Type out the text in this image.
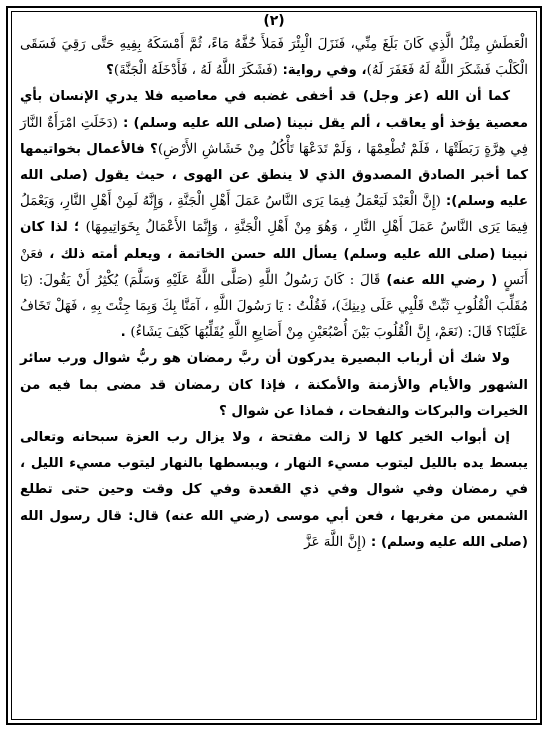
(٢)

الْعَطَشِ مِثْلُ الَّذِي كَانَ بَلَغَ مِنِّي، فَنَزَلَ الْبِئْرَ فَمَلأَ خُفَّهُ مَاءً، ثُمَّ أَمْسَكَهُ بِفِيهِ حَتَّى رَقِيَ فَسَقَى الْكَلْبَ فَشَكَرَ اللَّهُ لَهُ فَغَفَرَ لَهُ)، وفي رواية: (فَشَكَرَ اللَّهُ لَهُ ، فَأَدْخَلَهُ الْجَنَّةَ)؟

كما أن الله (عز وجل) قد أخفى غضبه في معاصيه فلا يدري الإنسان بأي معصية يؤخذ أو يعاقب ، ألم يقل نبينا (صلى الله عليه وسلم) : (دَخَلَتِ امْرَأَةٌ النَّارَ فِي هِرَّةٍ رَبَطَتْهَا ، فَلَمْ تُطْعِمْهَا ، وَلَمْ تَدَعْهَا تَأْكُلُ مِنْ خَشَاشِ الأَرْضِ)؟ فالأعمال بخواتيمها كما أخبر الصادق المصدوق الذي لا ينطق عن الهوى ، حيث يقول (صلى الله عليه وسلم): (إِنَّ الْعَبْدَ لَيَعْمَلُ فِيمَا يَرَى النَّاسُ عَمَلَ أَهْلِ الْجَنَّةِ ، وَإِنَّهُ لَمِنْ أَهْلِ النَّارِ، وَيَعْمَلُ فِيمَا يَرَى النَّاسُ عَمَلَ أَهْلِ النَّارِ ، وَهُوَ مِنْ أَهْلِ الْجَنَّةِ ، وَإِنَّمَا الأَعْمَالُ بِخَوَاتِيمِهَا) ؛ لذا كان نبينا (صلى الله عليه وسلم) يسأل الله حسن الخاتمة ، ويعلم أمته ذلك ، فعَنْ أَنَسٍ ( رضي الله عنه) قَالَ : كَانَ رَسُولُ اللَّهِ (صَلَّى اللَّهُ عَلَيْهِ وَسَلَّمَ) يُكْثِرُ أَنْ يَقُولَ: (يَا مُقَلِّبَ الْقُلُوبِ ثَبِّتْ قَلْبِي عَلَى دِينِكَ)، فَقُلْتُ : يَا رَسُولَ اللَّهِ ، آمَنَّا بِكَ وَبِمَا جِئْتَ بِهِ ، فَهَلْ تَخَافُ عَلَيْنَا؟ قَالَ: (نَعَمْ، إِنَّ الْقُلُوبَ بَيْنَ أُصْبُعَيْنِ مِنْ أَصَابِعِ اللَّهِ يُقَلِّبُهَا كَيْفَ يَشَاءُ) .

ولا شك أن أرباب البصيرة يدركون أن ربَّ رمضان هو ربُّ شوال ورب سائر الشهور والأيام والأزمنة والأمكنة ، فإذا كان رمضان قد مضى بما فيه من الخيرات والبركات والنفحات ، فماذا عن شوال ؟

إن أبواب الخير كلها لا زالت مفتحة ، ولا يزال رب العزة سبحانه وتعالى يبسط يده بالليل ليتوب مسيء النهار ، ويبسطها بالنهار ليتوب مسيء الليل ، في رمضان وفي شوال وفي ذي القعدة وفي كل وقت وحين حتى تطلع الشمس من مغربها ، فعن أبي موسى (رضي الله عنه) قال: قال رسول الله (صلى الله عليه وسلم) : (إِنَّ اللَّهَ عَزَّ
